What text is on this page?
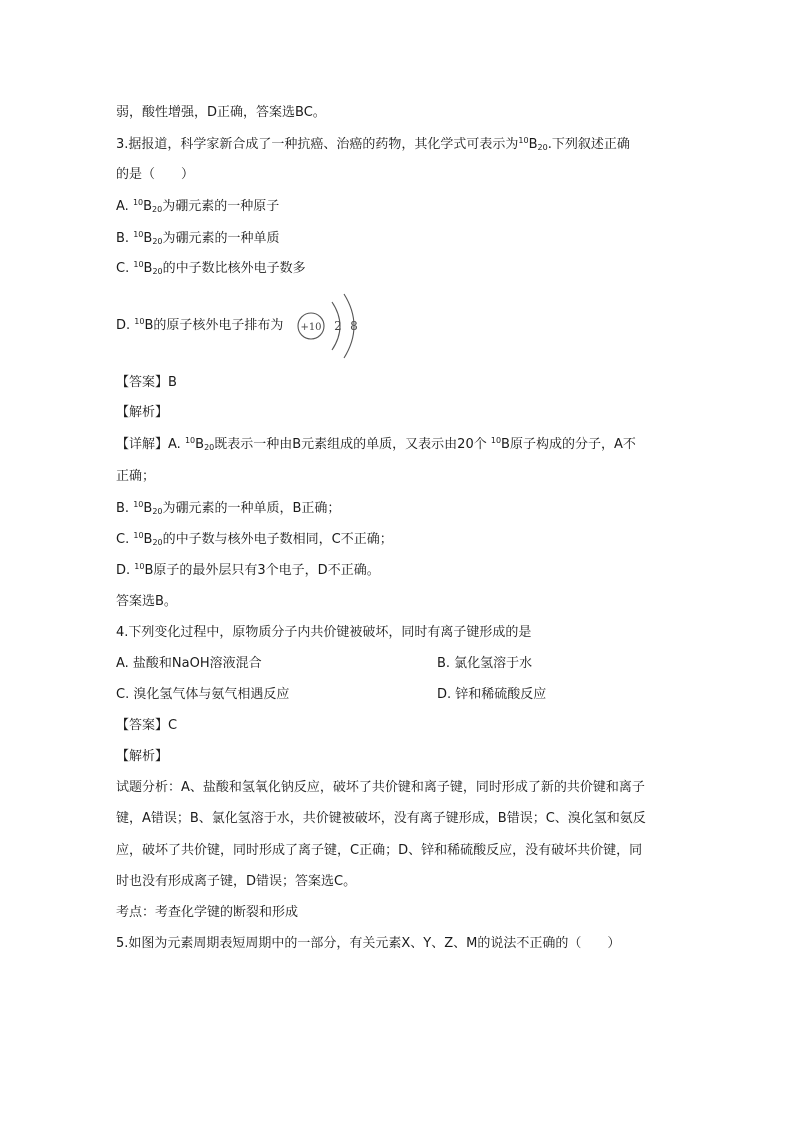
弱，酸性增强，D正确，答案选BC。
3.据报道，科学家新合成了一种抗癌、治癌的药物，其化学式可表示为$^{10}B_{20}$.下列叙述正确
的是（　　）
A. $^{10}B_{20}$为硼元素的一种原子
B. $^{10}B_{20}$为硼元素的一种单质
C. $^{10}B_{20}$的中子数比核外电子数多
D. $^{10}$B的原子核外电子排布为 +10 2 8
【答案】B
【解析】
【详解】A. $^{10}B_{20}$既表示一种由B元素组成的单质，又表示由20个 $^{10}$B原子构成的分子，A不
正确；
B. $^{10}B_{20}$为硼元素的一种单质，B正确；
C. $^{10}B_{20}$的中子数与核外电子数相同，C不正确；
D. $^{10}$B原子的最外层只有3个电子，D不正确。
答案选B。
4.下列变化过程中，原物质分子内共价键被破坏，同时有离子键形成的是
A. 盐酸和NaOH溶液混合	B. 氯化氢溶于水
C. 溴化氢气体与氨气相遇反应	D. 锌和稀硫酸反应
【答案】C
【解析】
试题分析：A、盐酸和氢氧化钠反应，破坏了共价键和离子键，同时形成了新的共价键和离子
键，A错误；B、氯化氢溶于水，共价键被破坏，没有离子键形成，B错误；C、溴化氢和氨反
应，破坏了共价键，同时形成了离子键，C正确；D、锌和稀硫酸反应，没有破坏共价键，同
时也没有形成离子键，D错误；答案选C。
考点：考查化学键的断裂和形成
5.如图为元素周期表短周期中的一部分，有关元素X、Y、Z、M的说法不正确的（　　）
